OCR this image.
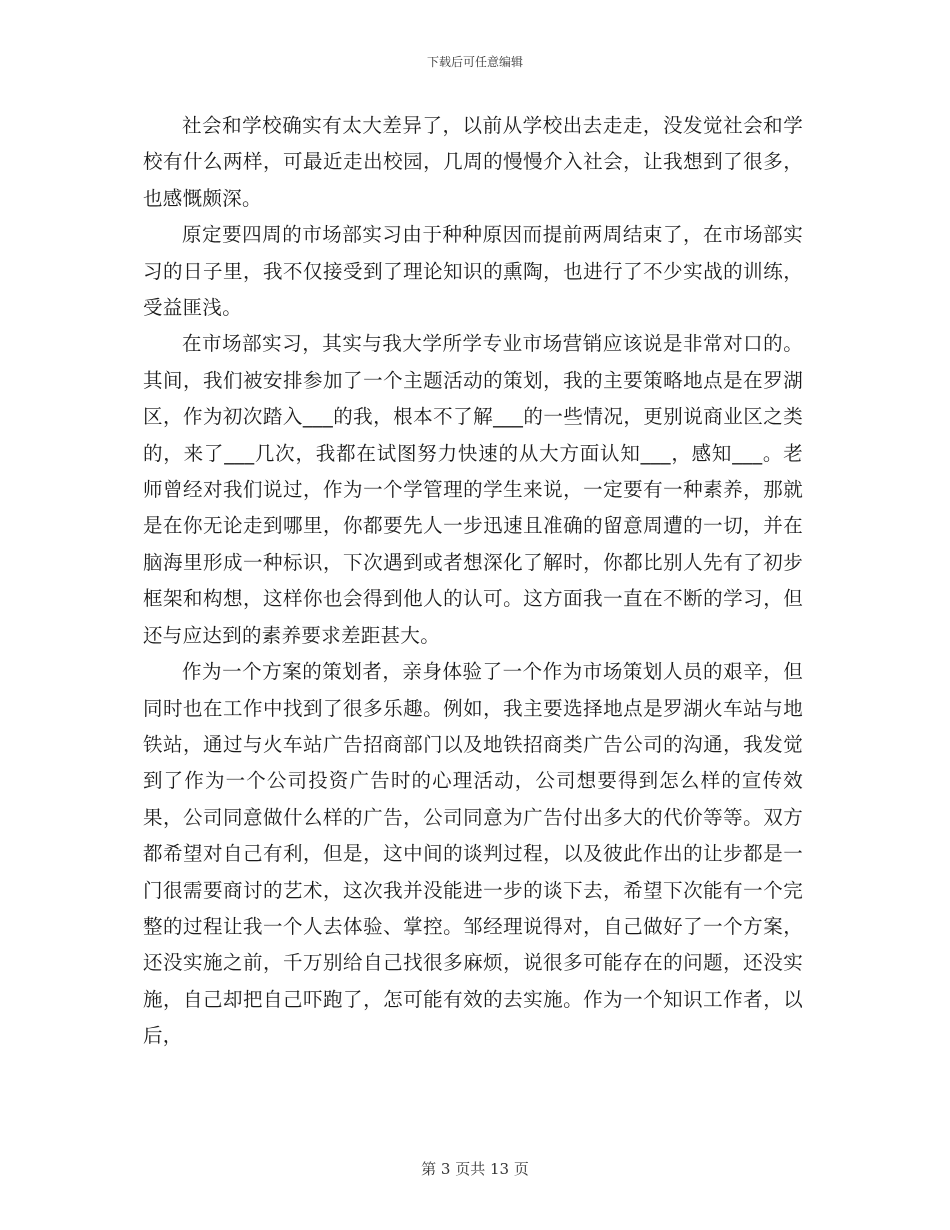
下载后可任意编辑

社会和学校确实有太大差异了，以前从学校出去走走，没发觉社会和学校有什么两样，可最近走出校园，几周的慢慢介入社会，让我想到了很多，也感慨颇深。

原定要四周的市场部实习由于种种原因而提前两周结束了，在市场部实习的日子里，我不仅接受到了理论知识的熏陶，也进行了不少实战的训练，受益匪浅。

在市场部实习，其实与我大学所学专业市场营销应该说是非常对口的。其间，我们被安排参加了一个主题活动的策划，我的主要策略地点是在罗湖区，作为初次踏入___的我，根本不了解___的一些情况，更别说商业区之类的，来了___几次，我都在试图努力快速的从大方面认知___，感知___。老师曾经对我们说过，作为一个学管理的学生来说，一定要有一种素养，那就是在你无论走到哪里，你都要先人一步迅速且准确的留意周遭的一切，并在脑海里形成一种标识，下次遇到或者想深化了解时，你都比别人先有了初步框架和构想，这样你也会得到他人的认可。这方面我一直在不断的学习，但还与应达到的素养要求差距甚大。

作为一个方案的策划者，亲身体验了一个作为市场策划人员的艰辛，但同时也在工作中找到了很多乐趣。例如，我主要选择地点是罗湖火车站与地铁站，通过与火车站广告招商部门以及地铁招商类广告公司的沟通，我发觉到了作为一个公司投资广告时的心理活动，公司想要得到怎么样的宣传效果，公司同意做什么样的广告，公司同意为广告付出多大的代价等等。双方都希望对自己有利，但是，这中间的谈判过程，以及彼此作出的让步都是一门很需要商讨的艺术，这次我并没能进一步的谈下去，希望下次能有一个完整的过程让我一个人去体验、掌控。邹经理说得对，自己做好了一个方案，还没实施之前，千万别给自己找很多麻烦，说很多可能存在的问题，还没实施，自己却把自己吓跑了，怎可能有效的去实施。作为一个知识工作者，以后，

第 3 页共 13 页
